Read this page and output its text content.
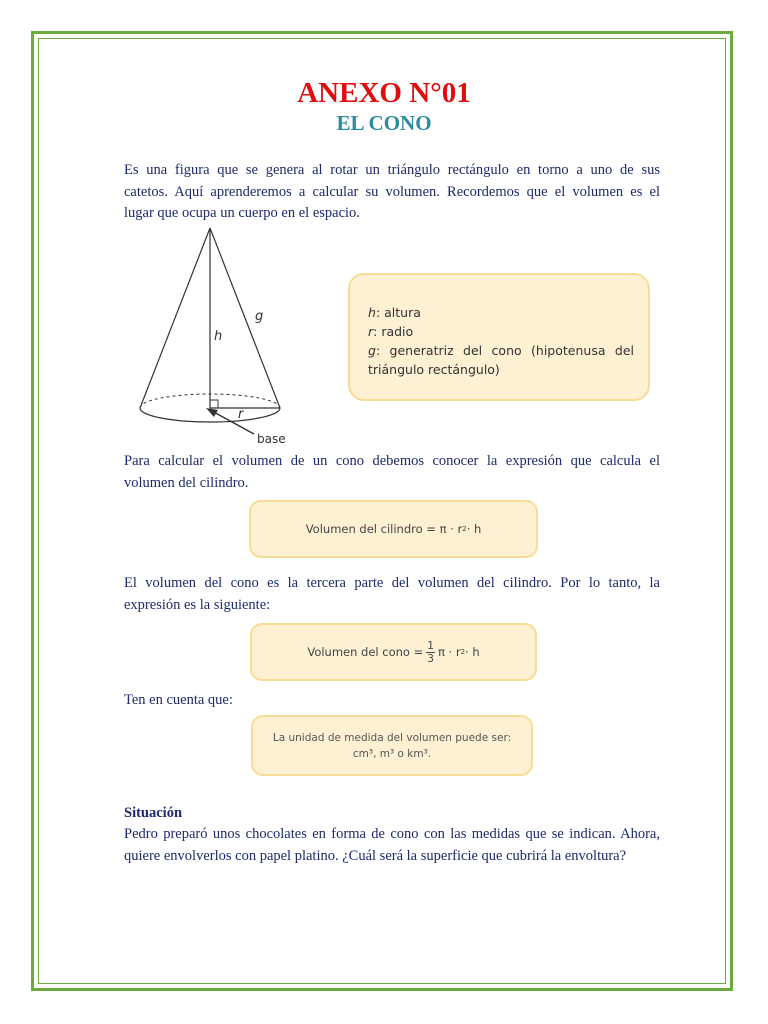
ANEXO N°01
EL CONO
Es una figura que se genera al rotar un triángulo rectángulo en torno a uno de sus
catetos. Aquí aprenderemos a calcular su volumen. Recordemos que el volumen es el
lugar que ocupa un cuerpo en el espacio.
h
g
r
base
h: altura
r: radio
g: generatriz del cono (hipotenusa del
triángulo rectángulo)
Para calcular el volumen de un cono debemos conocer la expresión que calcula el
volumen del cilindro.
Volumen del cilindro = π · r 2 · h
El volumen del cono es la tercera parte del volumen del cilindro. Por lo tanto, la
expresión es la siguiente:
Volumen del cono = $\frac{1}{3}$ π · r 2 · h
Ten en cuenta que:
La unidad de medida del volumen puede ser:
cm³, m³ o km³.
Situación
Pedro preparó unos chocolates en forma de cono con las medidas que se indican. Ahora,
quiere envolverlos con papel platino. ¿Cuál será la superficie que cubrirá la envoltura?
